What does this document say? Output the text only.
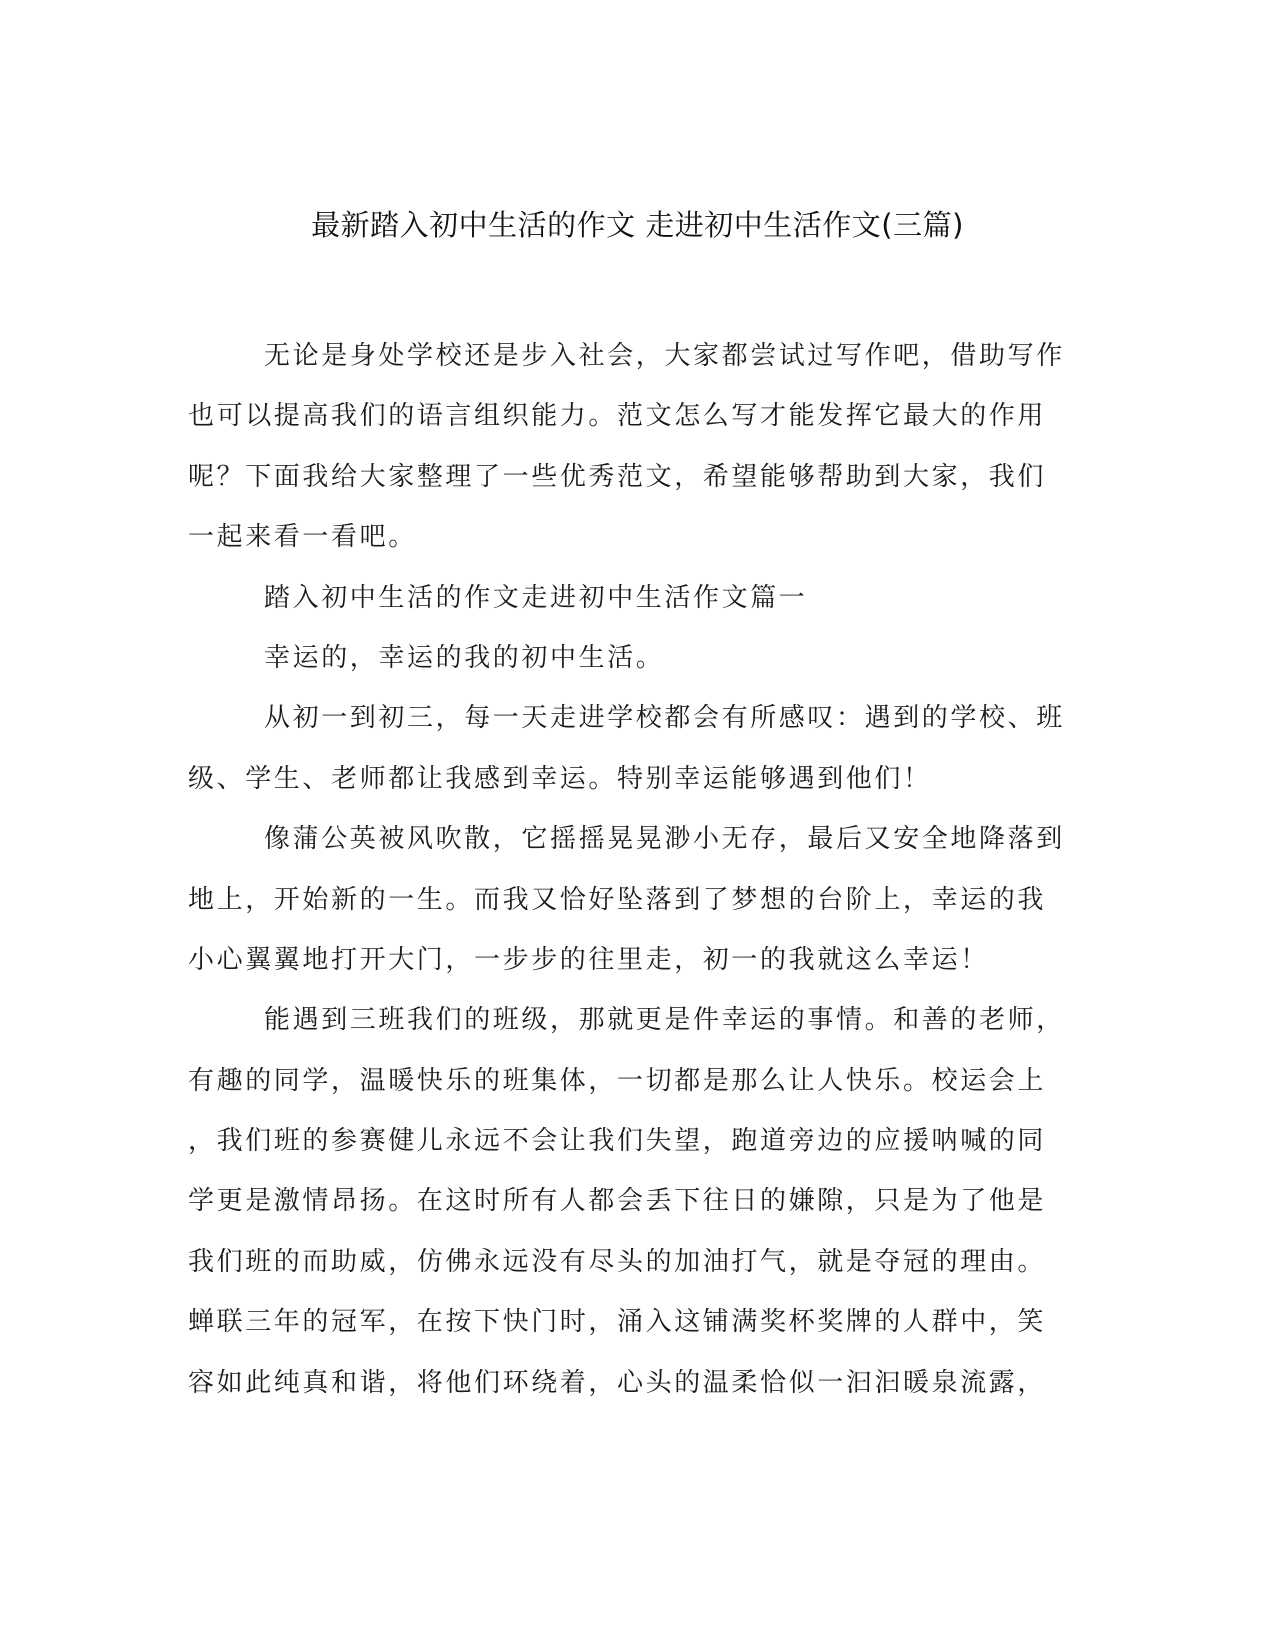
最新踏入初中生活的作文 走进初中生活作文(三篇)
无论是身处学校还是步入社会，大家都尝试过写作吧，借助写作
也可以提高我们的语言组织能力。范文怎么写才能发挥它最大的作用
呢？下面我给大家整理了一些优秀范文，希望能够帮助到大家，我们
一起来看一看吧。
踏入初中生活的作文走进初中生活作文篇一
幸运的，幸运的我的初中生活。
从初一到初三，每一天走进学校都会有所感叹：遇到的学校、班
级、学生、老师都让我感到幸运。特别幸运能够遇到他们！
像蒲公英被风吹散，它摇摇晃晃渺小无存，最后又安全地降落到
地上，开始新的一生。而我又恰好坠落到了梦想的台阶上，幸运的我
小心翼翼地打开大门，一步步的往里走，初一的我就这么幸运！
能遇到三班我们的班级，那就更是件幸运的事情。和善的老师，
有趣的同学，温暖快乐的班集体，一切都是那么让人快乐。校运会上
，我们班的参赛健儿永远不会让我们失望，跑道旁边的应援呐喊的同
学更是激情昂扬。在这时所有人都会丢下往日的嫌隙，只是为了他是
我们班的而助威，仿佛永远没有尽头的加油打气，就是夺冠的理由。
蝉联三年的冠军，在按下快门时，涌入这铺满奖杯奖牌的人群中，笑
容如此纯真和谐，将他们环绕着，心头的温柔恰似一汩汩暖泉流露，
